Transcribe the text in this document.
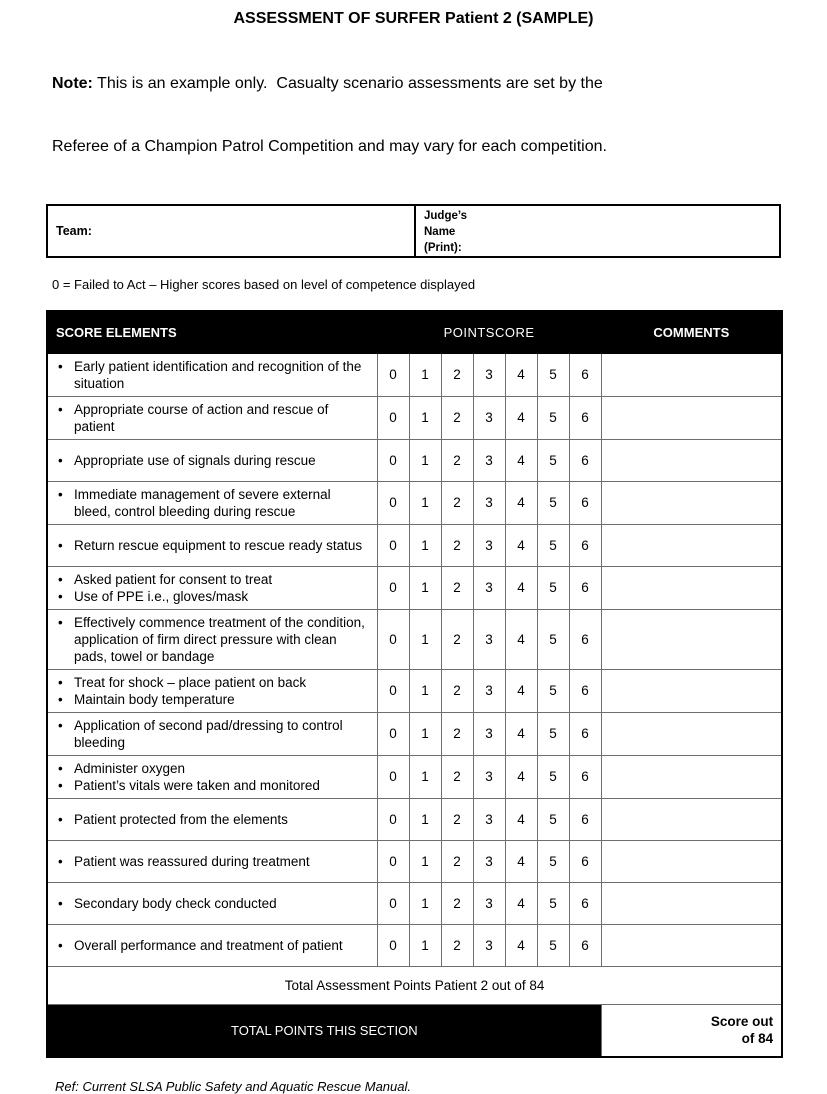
ASSESSMENT OF SURFER Patient 2 (SAMPLE)

Note: This is an example only.  Casualty scenario assessments are set by the

Referee of a Champion Patrol Competition and may vary for each competition.

Team:
Judge’s
Name
(Print):
0 = Failed to Act – Higher scores based on level of competence displayed
SCORE ELEMENTS	POINTSCORE							COMMENTS

• Early patient identification and recognition of the situation	0	1	2	3	4	5	6	

• Appropriate course of action and rescue of patient	0	1	2	3	4	5	6	

• Appropriate use of signals during rescue	0	1	2	3	4	5	6	

• Immediate management of severe external bleed, control bleeding during rescue	0	1	2	3	4	5	6	

• Return rescue equipment to rescue ready status	0	1	2	3	4	5	6	

• Asked patient for consent to treat
• Use of PPE i.e., gloves/mask	0	1	2	3	4	5	6	

• Effectively commence treatment of the condition, application of firm direct pressure with clean pads, towel or bandage	0	1	2	3	4	5	6	

• Treat for shock – place patient on back
• Maintain body temperature	0	1	2	3	4	5	6	

• Application of second pad/dressing to control bleeding	0	1	2	3	4	5	6	

• Administer oxygen
• Patient’s vitals were taken and monitored	0	1	2	3	4	5	6	

• Patient protected from the elements	0	1	2	3	4	5	6	

• Patient was reassured during treatment	0	1	2	3	4	5	6	

• Secondary body check conducted	0	1	2	3	4	5	6	

• Overall performance and treatment of patient	0	1	2	3	4	5	6	
Total Assessment Points Patient 2 out of 84								
TOTAL POINTS THIS SECTION								Score out
of 84
Ref: Current SLSA Public Safety and Aquatic Rescue Manual.
